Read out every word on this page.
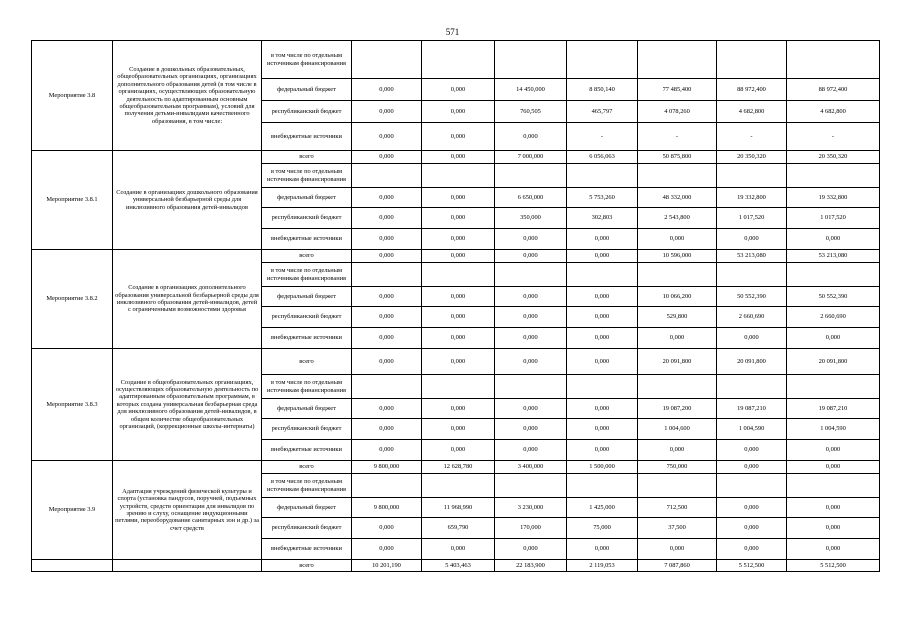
571
Мероприятие 3.8	Создание в дошкольных образовательных, общеобразовательных организациях, организациях дополнительного образования детей (в том числе в организациях, осуществляющих образовательную деятельность по адаптированным основным общеобразовательным программам), условий для получения детьми-инвалидами качественного образования, в том числе:	в том числе по отдельным источникам финансирования							
		федеральный бюджет	0,000	0,000	14 450,000	8 850,140	77 485,400	88 972,400	88 972,400
		республиканский бюджет	0,000	0,000	760,505	465,797	4 078,260	4 682,800	4 682,800
		внебюджетные источники	0,000	0,000	0,000	-	-	-	-
Мероприятие 3.8.1	Создание в организациях дошкольного образования универсальной безбарьерной среды для инклюзивного образования детей-инвалидов	всего	0,000	0,000	7 000,000	6 056,063	50 875,800	20 350,320	20 350,320
		в том числе по отдельным источникам финансирования							
		федеральный бюджет	0,000	0,000	6 650,000	5 753,260	48 332,000	19 332,800	19 332,800
		республиканский бюджет	0,000	0,000	350,000	302,803	2 543,800	1 017,520	1 017,520
		внебюджетные источники	0,000	0,000	0,000	0,000	0,000	0,000	0,000
Мероприятие 3.8.2	Создание в организациях дополнительного образования универсальной безбарьерной среды для инклюзивного образования детей-инвалидов, детей с ограниченными возможностями здоровья	всего	0,000	0,000	0,000	0,000	10 596,000	53 213,080	53 213,080
		в том числе по отдельным источникам финансирования							
		федеральный бюджет	0,000	0,000	0,000	0,000	10 066,200	50 552,390	50 552,390
		республиканский бюджет	0,000	0,000	0,000	0,000	529,800	2 660,690	2 660,690
		внебюджетные источники	0,000	0,000	0,000	0,000	0,000	0,000	0,000
Мероприятие 3.8.3	Создание в общеобразовательных организациях, осуществляющих образовательную деятельность по адаптированным образовательным программам, в которых создана универсальная безбарьерная среда для инклюзивного образования детей-инвалидов, в общем количестве общеобразовательных организаций, (коррекционные школы-интернаты)	всего	0,000	0,000	0,000	0,000	20 091,800	20 091,800	20 091,800
		в том числе по отдельным источникам финансирования							
		федеральный бюджет	0,000	0,000	0,000	0,000	19 087,200	19 087,210	19 087,210
		республиканский бюджет	0,000	0,000	0,000	0,000	1 004,600	1 004,590	1 004,590
		внебюджетные источники	0,000	0,000	0,000	0,000	0,000	0,000	0,000
Мероприятие 3.9	Адаптация учреждений физической культуры и спорта (установка пандусов, поручней, подъемных устройств, средств ориентации для инвалидов по зрению и слуху, оснащение индукционными петлями, переоборудование санитарных зон и др.) за счет средств	всего	9 800,000	12 628,780	3 400,000	1 500,000	750,000	0,000	0,000
		в том числе по отдельным источникам финансирования							
		федеральный бюджет	9 800,000	11 968,990	3 230,000	1 425,000	712,500	0,000	0,000
		республиканский бюджет	0,000	659,790	170,000	75,000	37,500	0,000	0,000
		внебюджетные источники	0,000	0,000	0,000	0,000	0,000	0,000	0,000
		всего	10 201,190	5 403,463	22 183,900	2 119,053	7 087,860	5 512,500	5 512,500
